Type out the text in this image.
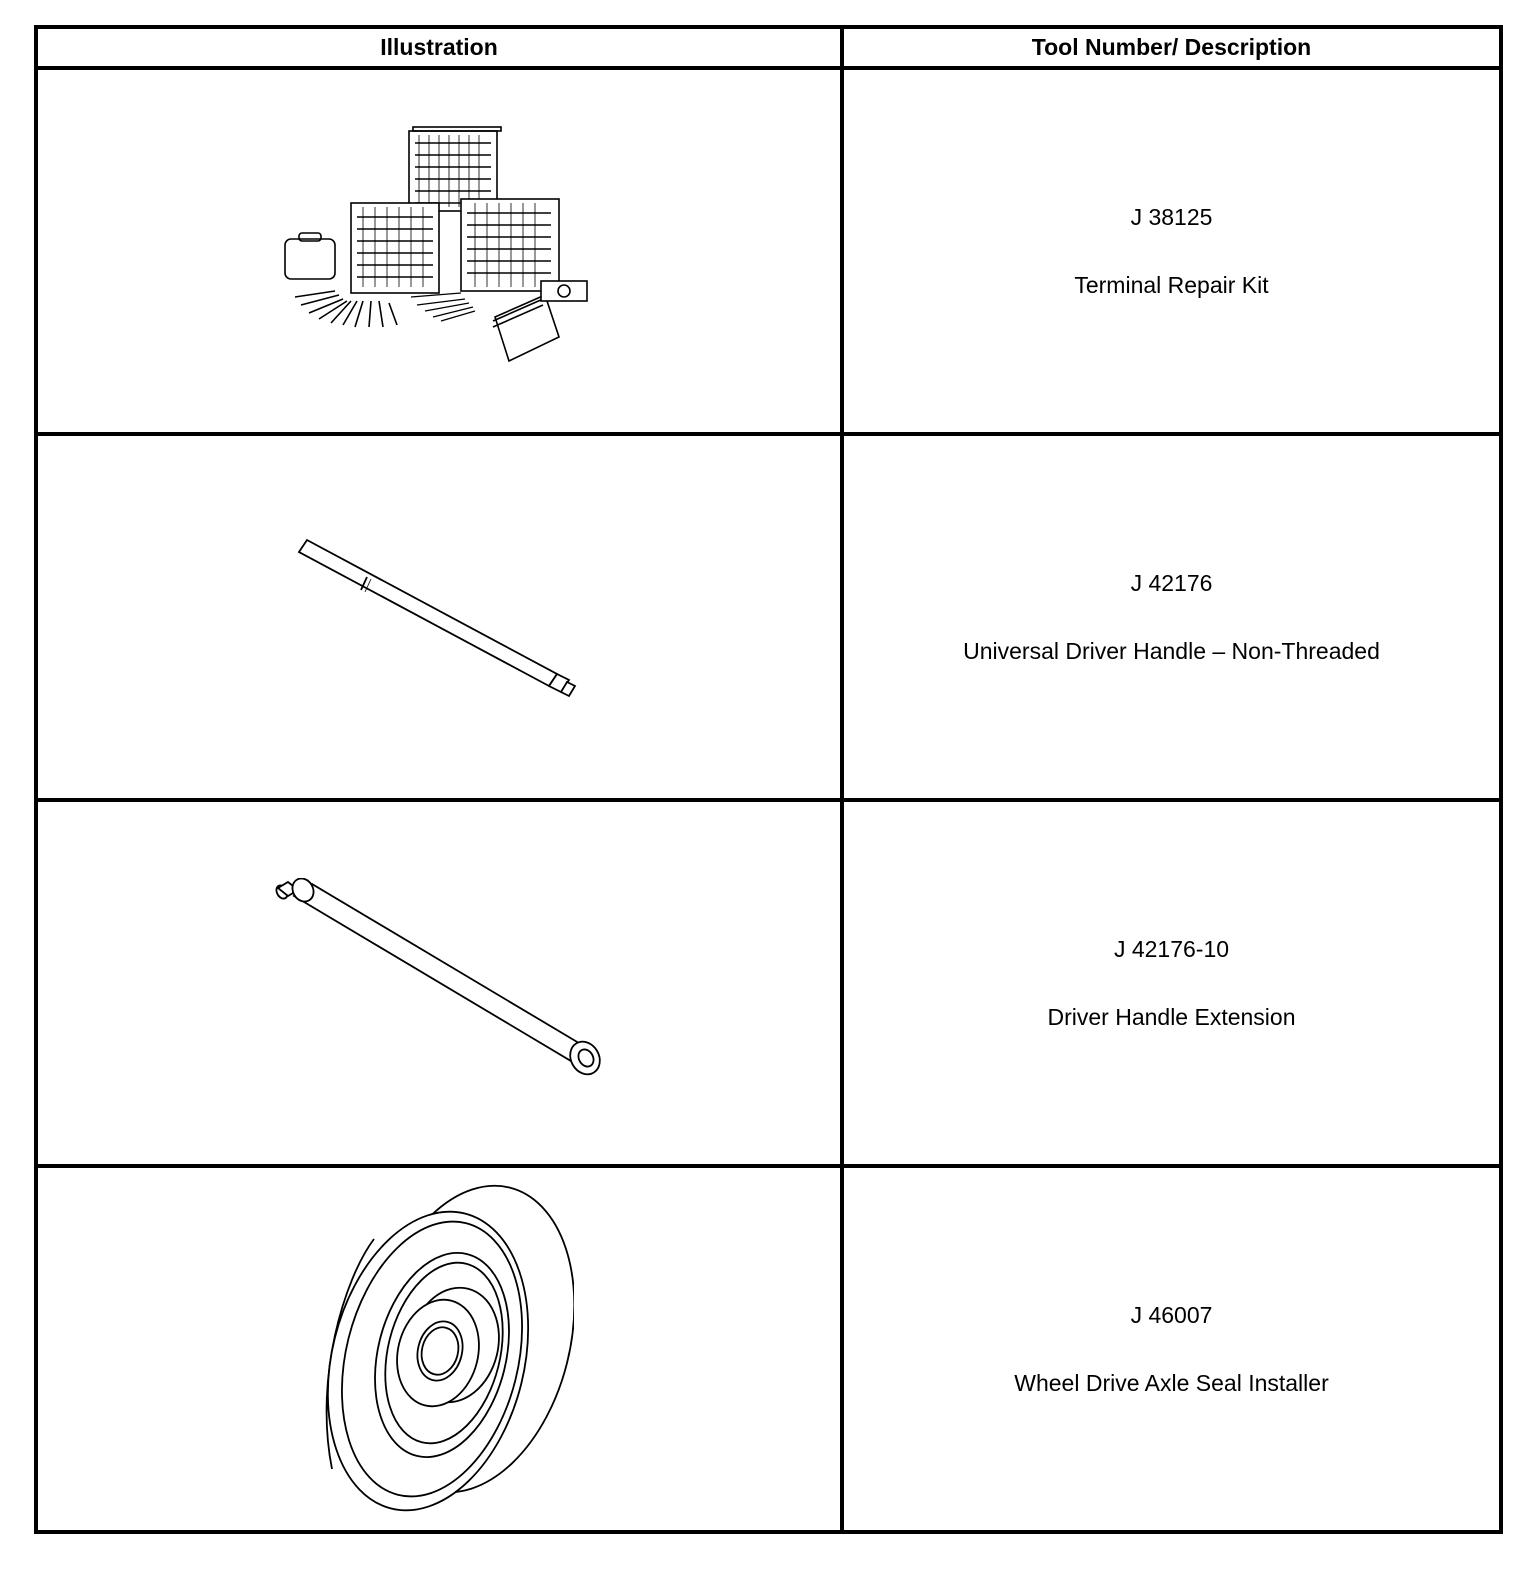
Illustration	Tool Number/ Description

J 38125
Terminal Repair Kit

J 42176
Universal Driver Handle – Non-Threaded

J 42176-10
Driver Handle Extension

J 46007
Wheel Drive Axle Seal Installer
